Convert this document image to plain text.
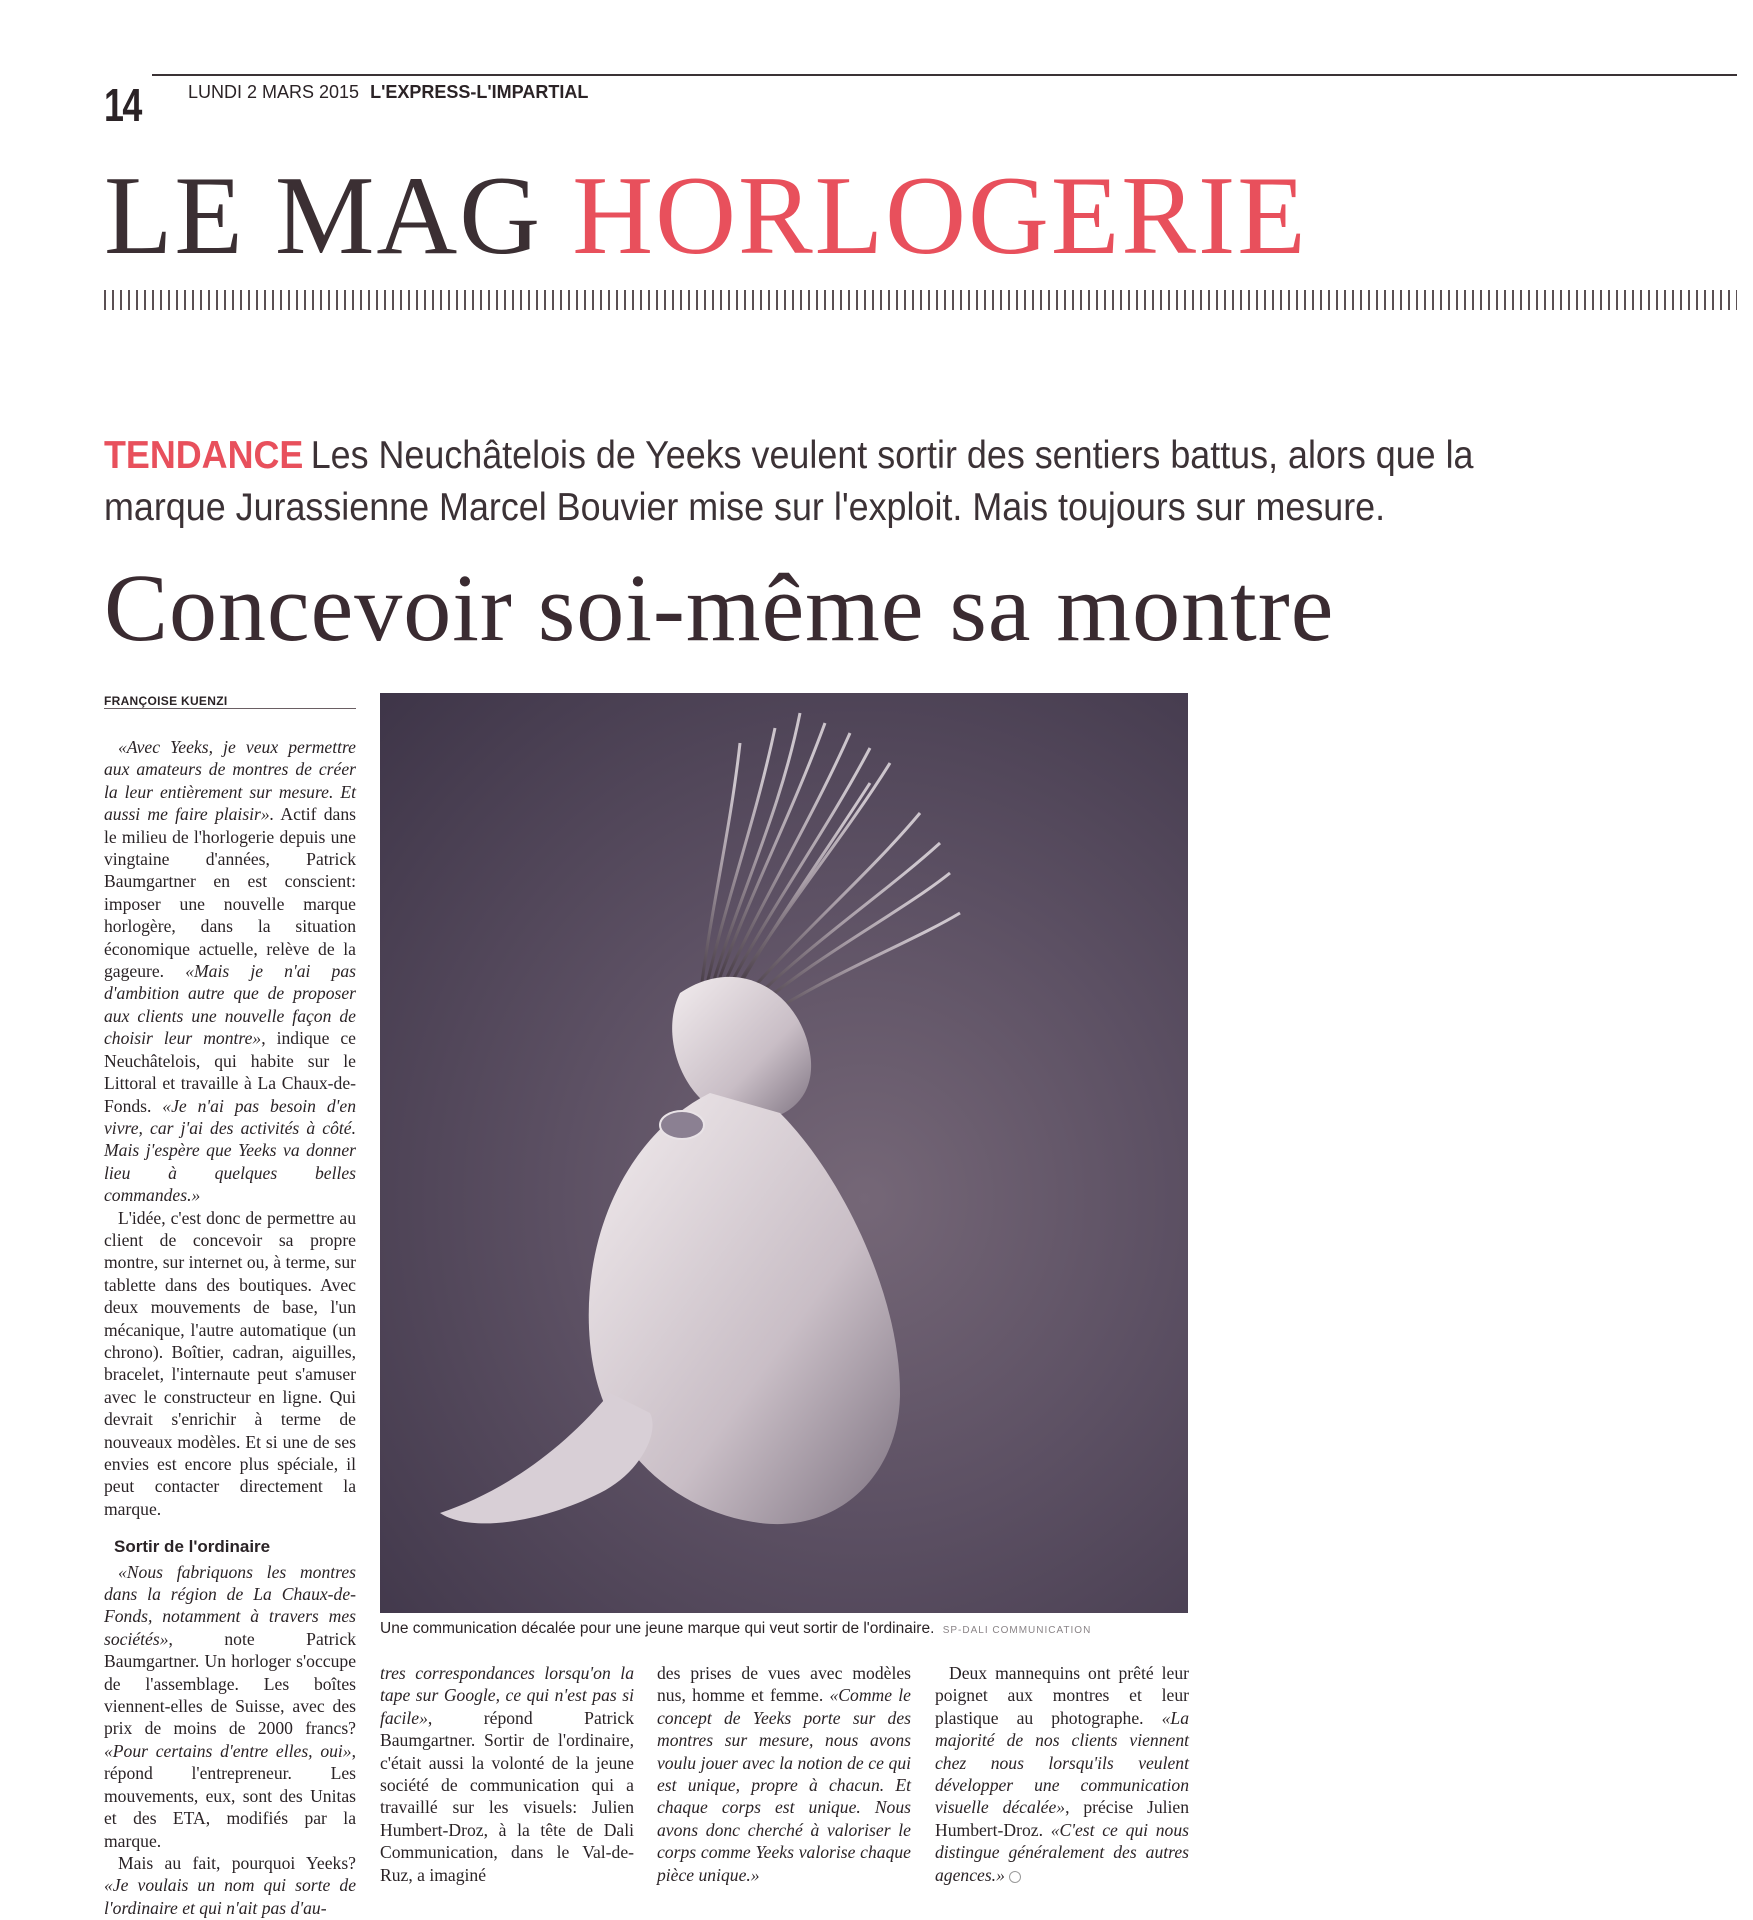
14	LUNDI 2 MARS 2015 L'EXPRESS-L'IMPARTIAL
LE MAG HORLOGERIE
TENDANCE Les Neuchâtelois de Yeeks veulent sortir des sentiers battus, alors que la marque Jurassienne Marcel Bouvier mise sur l'exploit. Mais toujours sur mesure.
Concevoir soi-même sa montre
FRANÇOISE KUENZI

«Avec Yeeks, je veux permettre aux amateurs de montres de créer la leur entièrement sur mesure. Et aussi me faire plaisir». Actif dans le milieu de l'horlogerie depuis une vingtaine d'années, Patrick Baumgartner en est conscient: imposer une nouvelle marque horlogère, dans la situation économique actuelle, relève de la gageure. «Mais je n'ai pas d'ambition autre que de proposer aux clients une nouvelle façon de choisir leur montre», indique ce Neuchâtelois, qui habite sur le Littoral et travaille à La Chaux-de-Fonds. «Je n'ai pas besoin d'en vivre, car j'ai des activités à côté. Mais j'espère que Yeeks va donner lieu à quelques belles commandes.»

L'idée, c'est donc de permettre au client de concevoir sa propre montre, sur internet ou, à terme, sur tablette dans des boutiques. Avec deux mouvements de base, l'un mécanique, l'autre automatique (un chrono). Boîtier, cadran, aiguilles, bracelet, l'internaute peut s'amuser avec le constructeur en ligne. Qui devrait s'enrichir à terme de nouveaux modèles. Et si une de ses envies est encore plus spéciale, il peut contacter directement la marque.

Sortir de l'ordinaire

«Nous fabriquons les montres dans la région de La Chaux-de-Fonds, notamment à travers mes sociétés», note Patrick Baumgartner. Un horloger s'occupe de l'assemblage. Les boîtes viennent-elles de Suisse, avec des prix de moins de 2000 francs? «Pour certains d'entre elles, oui», répond l'entrepreneur. Les mouvements, eux, sont des Unitas et des ETA, modifiés par la marque.

Mais au fait, pourquoi Yeeks? «Je voulais un nom qui sorte de l'ordinaire et qui n'ait pas d'au-

Une communication décalée pour une jeune marque qui veut sortir de l'ordinaire. SP-DALI COMMUNICATION

tres correspondances lorsqu'on la tape sur Google, ce qui n'est pas si facile», répond Patrick Baumgartner. Sortir de l'ordinaire, c'était aussi la volonté de la jeune société de communication qui a travaillé sur les visuels: Julien Humbert-Droz, à la tête de Dali Communication, dans le Val-de-Ruz, a imaginé

des prises de vues avec modèles nus, homme et femme. «Comme le concept de Yeeks porte sur des montres sur mesure, nous avons voulu jouer avec la notion de ce qui est unique, propre à chacun. Et chaque corps est unique. Nous avons donc cherché à valoriser le corps comme Yeeks valorise chaque pièce unique.»

Deux mannequins ont prêté leur poignet aux montres et leur plastique au photographe. «La majorité de nos clients viennent chez nous lorsqu'ils veulent développer une communication visuelle décalée», précise Julien Humbert-Droz. «C'est ce qui nous distingue généralement des autres agences.»
